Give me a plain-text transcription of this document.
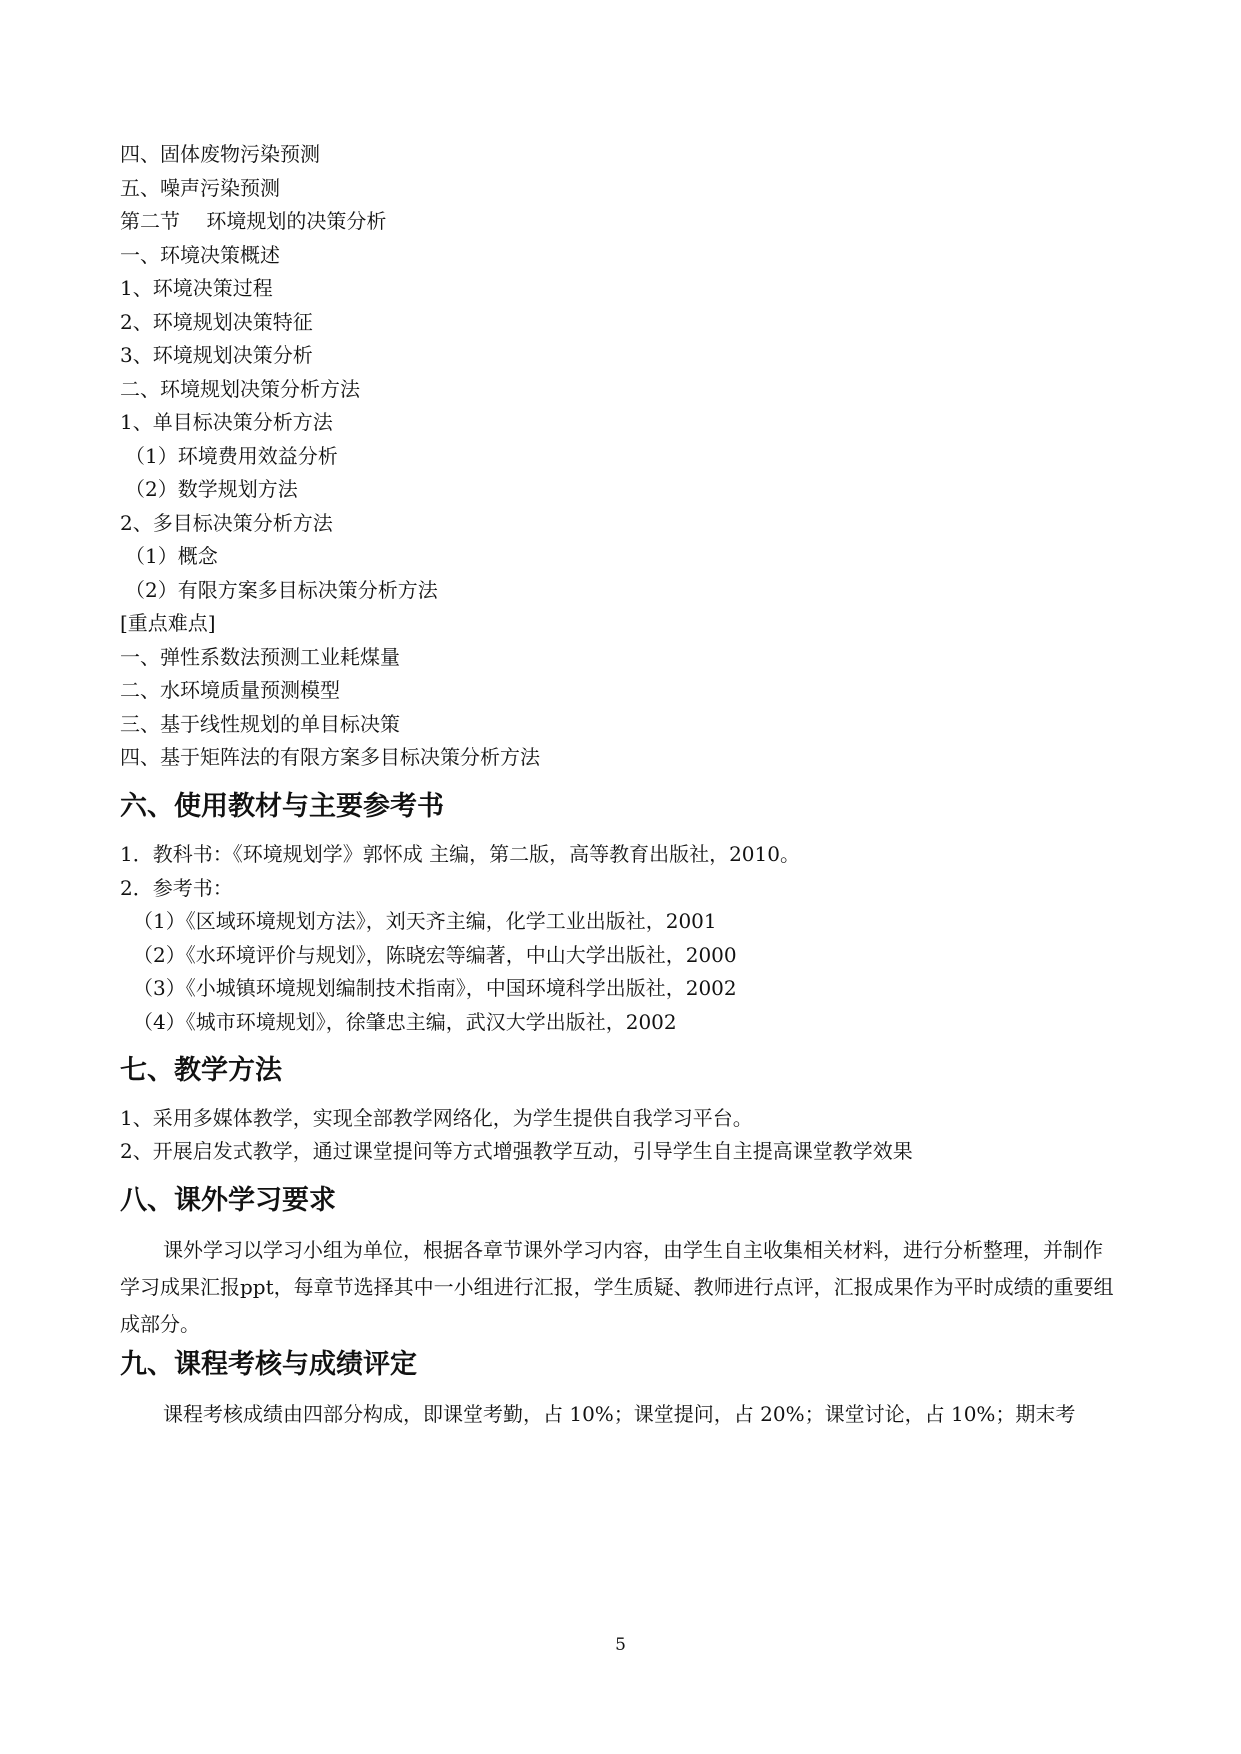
四、固体废物污染预测

五、噪声污染预测

第二节　 环境规划的决策分析

一、环境决策概述

1、环境决策过程

2、环境规划决策特征

3、环境规划决策分析

二、环境规划决策分析方法

1、单目标决策分析方法

（1）环境费用效益分析

（2）数学规划方法

2、多目标决策分析方法

（1）概念

（2）有限方案多目标决策分析方法

[重点难点]

一、弹性系数法预测工业耗煤量

二、水环境质量预测模型

三、基于线性规划的单目标决策

四、基于矩阵法的有限方案多目标决策分析方法

六、使用教材与主要参考书

1．教科书：《环境规划学》郭怀成 主编，第二版，高等教育出版社，2010。

2．参考书：

（1）《区域环境规划方法》，刘天齐主编，化学工业出版社，2001

（2）《水环境评价与规划》，陈晓宏等编著，中山大学出版社，2000

（3）《小城镇环境规划编制技术指南》，中国环境科学出版社，2002

（4）《城市环境规划》，徐肇忠主编，武汉大学出版社，2002

七、教学方法

1、采用多媒体教学，实现全部教学网络化，为学生提供自我学习平台。

2、开展启发式教学，通过课堂提问等方式增强教学互动，引导学生自主提高课堂教学效果

八、课外学习要求

课外学习以学习小组为单位，根据各章节课外学习内容，由学生自主收集相关材料，进行分析整理，并制作学习成果汇报ppt，每章节选择其中一小组进行汇报，学生质疑、教师进行点评，汇报成果作为平时成绩的重要组成部分。

九、课程考核与成绩评定

课程考核成绩由四部分构成，即课堂考勤，占 10%；课堂提问，占 20%；课堂讨论，占 10%；期末考

5
